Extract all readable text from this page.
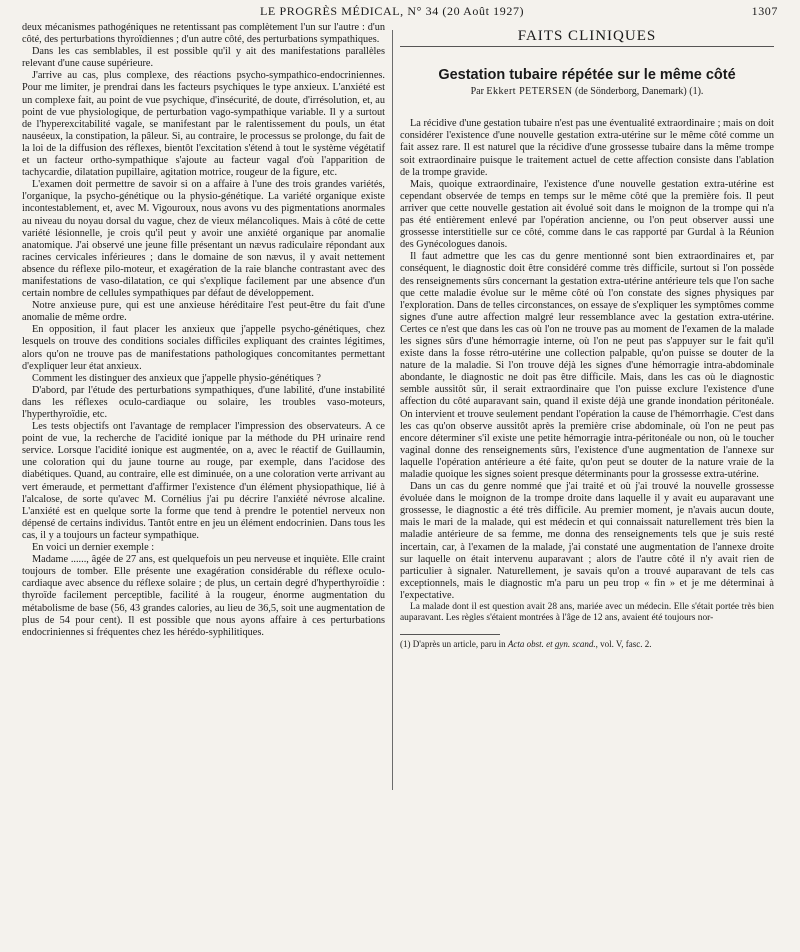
LE PROGRÈS MÉDICAL, N° 34 (20 Août 1927)	1307

deux mécanismes pathogéniques ne retentissant pas complètement l'un sur l'autre : d'un côté, des perturbations thyroïdiennes ; d'un autre côté, des perturbations sympathiques.

Dans les cas semblables, il est possible qu'il y ait des manifestations parallèles relevant d'une cause supérieure.

J'arrive au cas, plus complexe, des réactions psycho-sympathico-endocriniennes. Pour me limiter, je prendrai dans les facteurs psychiques le type anxieux. L'anxiété est un complexe fait, au point de vue psychique, d'insécurité, de doute, d'irrésolution, et, au point de vue physiologique, de perturbation vago-sympathique variable. Il y a surtout de l'hyperexcitabilité vagale, se manifestant par le ralentissement du pouls, un état nauséeux, la constipation, la pâleur. Si, au contraire, le processus se prolonge, du fait de la loi de la diffusion des réflexes, bientôt l'excitation s'étend à tout le système végétatif et un facteur ortho-sympathique s'ajoute au facteur vagal d'où l'apparition de tachycardie, dilatation pupillaire, agitation motrice, rougeur de la figure, etc.

L'examen doit permettre de savoir si on a affaire à l'une des trois grandes variétés, l'organique, la psycho-génétique ou la physio-génétique. La variété organique existe incontestablement, et, avec M. Vigouroux, nous avons vu des pigmentations anormales au niveau du noyau dorsal du vague, chez de vieux mélancoliques. Mais à côté de cette variété lésionnelle, je crois qu'il peut y avoir une anxiété organique par anomalie anatomique. J'ai observé une jeune fille présentant un nævus radiculaire répondant aux racines cervicales inférieures ; dans le domaine de son nævus, il y avait nettement absence du réflexe pilo-moteur, et exagération de la raie blanche contrastant avec des manifestations de vaso-dilatation, ce qui s'explique facilement par une absence d'un certain nombre de cellules sympathiques par défaut de développement.

Notre anxieuse pure, qui est une anxieuse héréditaire l'est peut-être du fait d'une anomalie de même ordre.

En opposition, il faut placer les anxieux que j'appelle psycho-génétiques, chez lesquels on trouve des conditions sociales difficiles expliquant des craintes légitimes, alors qu'on ne trouve pas de manifestations pathologiques concomitantes permettant d'expliquer leur état anxieux.

Comment les distinguer des anxieux que j'appelle physio-génétiques ?

D'abord, par l'étude des perturbations sympathiques, d'une labilité, d'une instabilité dans les réflexes oculo-cardiaque ou solaire, les troubles vaso-moteurs, l'hyperthyroïdie, etc.

Les tests objectifs ont l'avantage de remplacer l'impression des observateurs. A ce point de vue, la recherche de l'acidité ionique par la méthode du PH urinaire rend service. Lorsque l'acidité ionique est augmentée, on a, avec le réactif de Guillaumin, une coloration qui du jaune tourne au rouge, par exemple, dans l'acidose des diabétiques. Quand, au contraire, elle est diminuée, on a une coloration verte arrivant au vert émeraude, et permettant d'affirmer l'existence d'un élément physiopathique, lié à l'alcalose, de sorte qu'avec M. Cornélius j'ai pu décrire l'anxiété névrose alcaline. L'anxiété est en quelque sorte la forme que tend à prendre le potentiel nerveux non dépensé de certains individus. Tantôt entre en jeu un élément endocrinien. Dans tous les cas, il y a toujours un facteur sympathique.

En voici un dernier exemple :

Madame ......, âgée de 27 ans, est quelquefois un peu nerveuse et inquiète. Elle craint toujours de tomber. Elle présente une exagération considérable du réflexe oculo-cardiaque avec absence du réflexe solaire ; de plus, un certain degré d'hyperthyroïdie : thyroïde facilement perceptible, facilité à la rougeur, énorme augmentation du métabolisme de base (56, 43 grandes calories, au lieu de 36,5, soit une augmentation de plus de 54 pour cent). Il est possible que nous ayons affaire à ces perturbations endocriniennes si fréquentes chez les hérédo-syphilitiques.

FAITS CLINIQUES
Gestation tubaire répétée sur le même côté
Par Ekkert PETERSEN (de Sönderborg, Danemark) (1).

La récidive d'une gestation tubaire n'est pas une éventualité extraordinaire ; mais on doit considérer l'existence d'une nouvelle gestation extra-utérine sur le même côté comme un fait assez rare. Il est naturel que la récidive d'une grossesse tubaire dans la même trompe soit extraordinaire puisque le traitement actuel de cette affection consiste dans l'ablation de la trompe gravide.

Mais, quoique extraordinaire, l'existence d'une nouvelle gestation extra-utérine est cependant observée de temps en temps sur le même côté que la première fois. Il peut arriver que cette nouvelle gestation ait évolué soit dans le moignon de la trompe qui n'a pas été entièrement enlevé par l'opération ancienne, ou l'on peut observer aussi une grossesse interstitielle sur ce côté, comme dans le cas rapporté par Gurdal à la Réunion des Gynécologues danois.

Il faut admettre que les cas du genre mentionné sont bien extraordinaires et, par conséquent, le diagnostic doit être considéré comme très difficile, surtout si l'on possède des renseignements sûrs concernant la gestation extra-utérine antérieure tels que l'on sache que cette maladie évolue sur le même côté où l'on constate des signes physiques par l'exploration. Dans de telles circonstances, on essaye de s'expliquer les symptômes comme signes d'une autre affection malgré leur ressemblance avec la gestation extra-utérine. Certes ce n'est que dans les cas où l'on ne trouve pas au moment de l'examen de la malade les signes sûrs d'une hémorragie interne, où l'on ne peut pas s'appuyer sur le fait qu'il existe dans la fosse rétro-utérine une collection palpable, qu'on puisse se douter de la nature de la maladie. Si l'on trouve déjà les signes d'une hémorragie intra-abdominale abondante, le diagnostic ne doit pas être difficile. Mais, dans les cas où le diagnostic semble aussitôt sûr, il serait extraordinaire que l'on puisse exclure l'existence d'une affection du côté auparavant sain, quand il existe déjà une grande inondation péritonéale. On intervient et trouve seulement pendant l'opération la cause de l'hémorrhagie. C'est dans les cas qu'on observe aussitôt après la première crise abdominale, où l'on ne peut pas encore déterminer s'il existe une petite hémorragie intra-péritonéale ou non, où le toucher vaginal donne des renseignements sûrs, l'existence d'une augmentation de l'annexe sur laquelle l'opération antérieure a été faite, qu'on peut se douter de la nature vraie de la maladie quoique les signes soient presque déterminants pour la grossesse extra-utérine.

Dans un cas du genre nommé que j'ai traité et où j'ai trouvé la nouvelle grossesse évoluée dans le moignon de la trompe droite dans laquelle il y avait eu auparavant une grossesse, le diagnostic a été très difficile. Au premier moment, je n'avais aucun doute, mais le mari de la malade, qui est médecin et qui connaissait naturellement très bien la maladie antérieure de sa femme, me donna des renseignements tels que je suis resté incertain, car, à l'examen de la malade, j'ai constaté une augmentation de l'annexe droite sur laquelle on était intervenu auparavant ; alors de l'autre côté il n'y avait rien de particulier à signaler. Naturellement, je savais qu'on a trouvé auparavant de tels cas exceptionnels, mais le diagnostic m'a paru un peu trop « fin » et je me déterminai à l'expectative.

La malade dont il est question avait 28 ans, mariée avec un médecin. Elle s'était portée très bien auparavant. Les règles s'étaient montrées à l'âge de 12 ans, avaient été toujours nor-

(1) D'après un article, paru in Acta obst. et gyn. scand., vol. V, fasc. 2.
